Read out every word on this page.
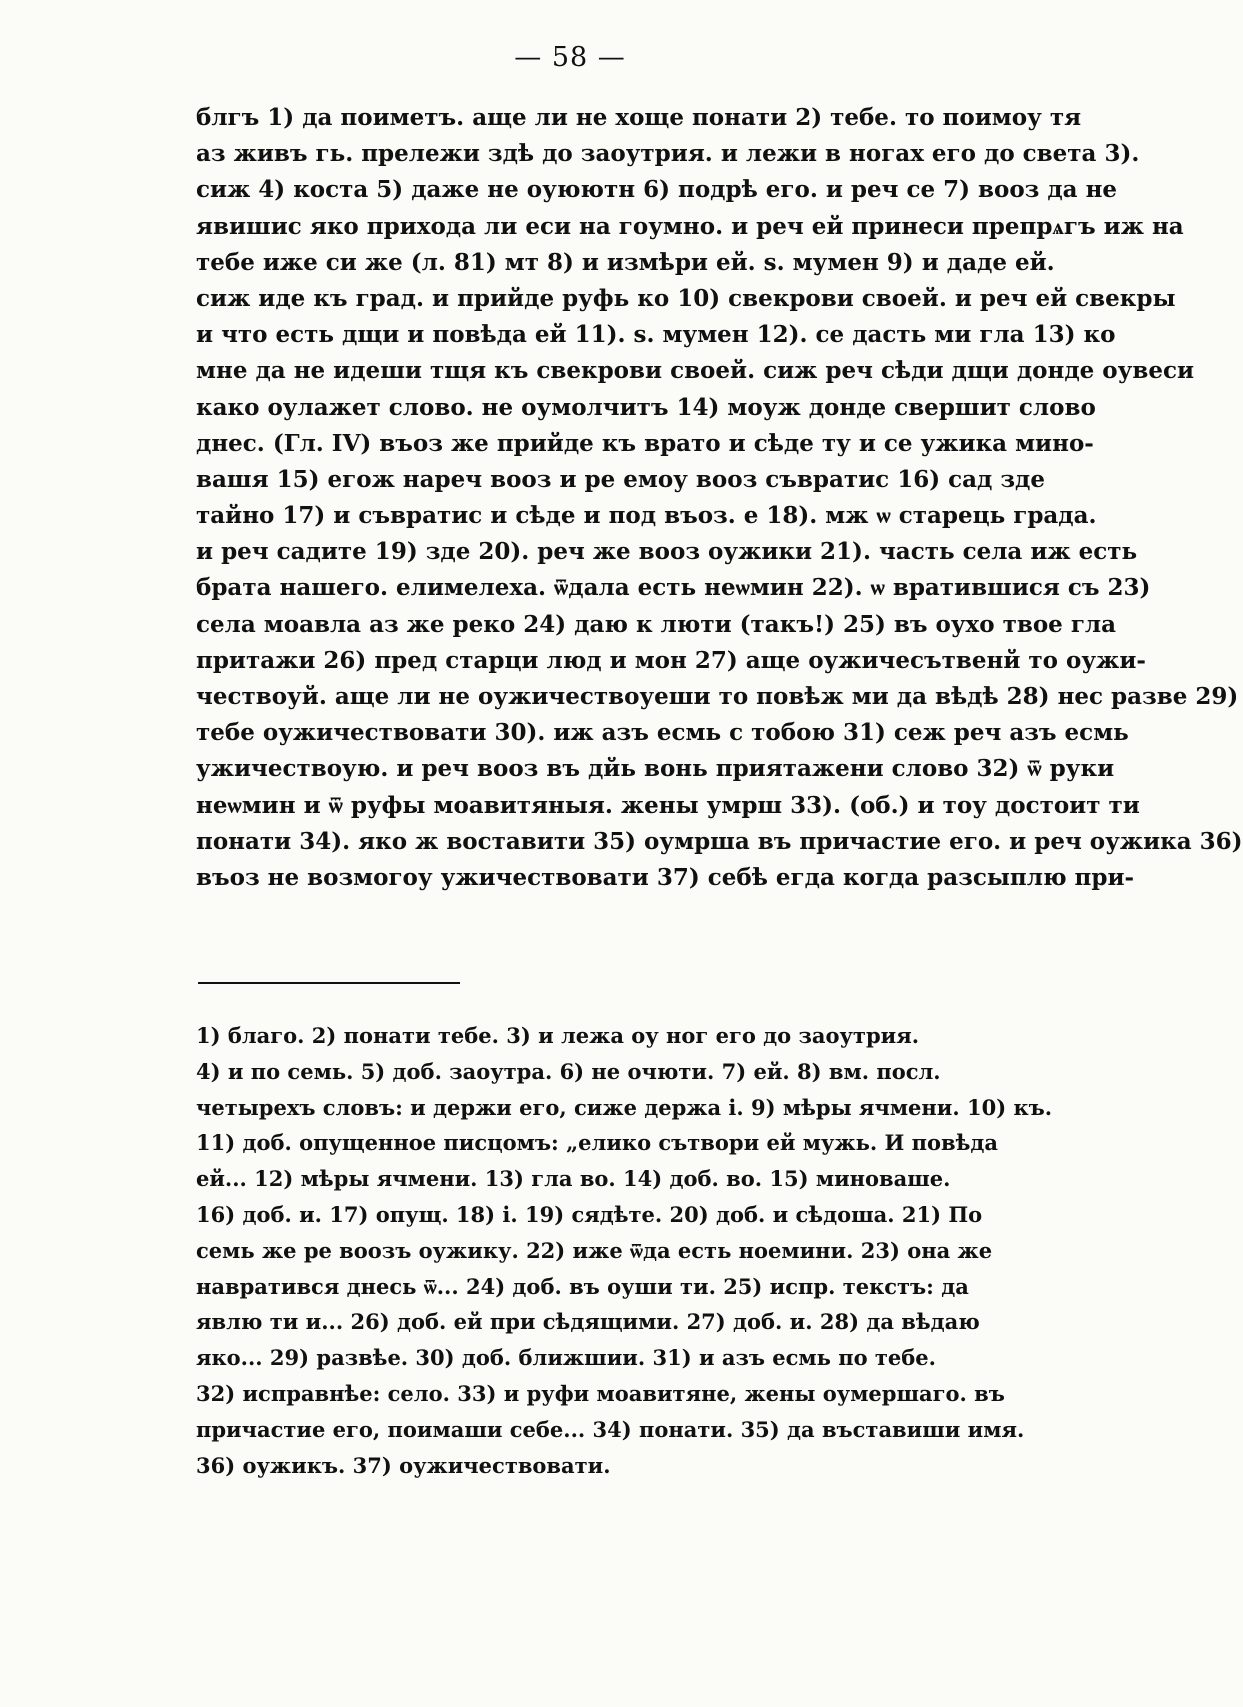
— 58 —
блгъ 1) да поиметъ. аще ли не хоще понати 2) тебе. то поимоу тя
аз живъ гь. прележи здѣ до заоутрия. и лежи в ногах его до света 3).
сиж 4) коста 5) даже не оуюютн 6) подрѣ его. и реч се 7) вооз да не
явишис яко прихода ли еси на гоумно. и реч ей принеси препрѧгъ иж на
тебе иже си же (л. 81) мт 8) и измѣри ей. s. мумен 9) и даде ей.
сиж иде къ град. и прийде руфь ко 10) свекрови своей. и реч ей свекры
и что есть дщи и повѣда ей 11). s. мумен 12). се дасть ми гла 13) ко
мне да не идеши тщя къ свекрови своей. сиж реч сѣди дщи донде оувеси
како оулажет слово. не оумолчитъ 14) моуж донде свершит слово
днес. (Гл. IV) въоз же прийде къ врато и сѣде ту и се ужика мино-
вашя 15) егож нареч вооз и ре емоу вооз съвратис 16) сад зде
тайно 17) и съвратис и сѣде и под въоз. е 18). мж ѡ старець града.
и реч садите 19) зде 20). реч же вооз оужики 21). часть села иж есть
брата нашего. елимелеха. ѿдала есть неѡмин 22). ѡ вратившися съ 23)
села моавла аз же реко 24) даю к люти (такъ!) 25) въ оухо твое гла
притажи 26) пред старци люд и мон 27) аще оужичесътвенй то оужи-
чествоуй. аще ли не оужичествоуеши то повѣж ми да вѣдѣ 28) нес разве 29)
тебе оужичествовати 30). иж азъ есмь с тобою 31) сеж реч азъ есмь
ужичествоую. и реч вооз въ дйь вонь приятажени слово 32) ѿ руки
неѡмин и ѿ руфы моавитяныя. жены умрш 33). (об.) и тоу достоит ти
понати 34). яко ж воставити 35) оумрша въ причастие его. и реч оужика 36)
въоз не возмогоу ужичествовати 37) себѣ егда когда разсыплю при-
1) благо. 2) понати тебе. 3) и лежа оу ног его до заоутрия.
4) и по семь. 5) доб. заоутра. 6) не очюти. 7) ей. 8) вм. посл.
четырехъ словъ: и держи его, сиже держа і. 9) мѣры ячмени. 10) къ.
11) доб. опущенное писцомъ: „елико сътвори ей мужь. И повѣда
ей... 12) мѣры ячмени. 13) гла во. 14) доб. во. 15) миноваше.
16) доб. и. 17) опущ. 18) і. 19) сядѣте. 20) доб. и сѣдоша. 21) По
семь же ре воозъ оужику. 22) иже ѿда есть ноемини. 23) она же
навратився днесь ѿ... 24) доб. въ оуши ти. 25) испр. текстъ: да
явлю ти и... 26) доб. ей при сѣдящими. 27) доб. и. 28) да вѣдаю
яко... 29) развѣе. 30) доб. ближшии. 31) и азъ есмь по тебе.
32) исправнѣе: село. 33) и руфи моавитяне, жены оумершаго. въ
причастие его, поимаши себе... 34) понати. 35) да въставиши имя.
36) оужикъ. 37) оужичествовати.
